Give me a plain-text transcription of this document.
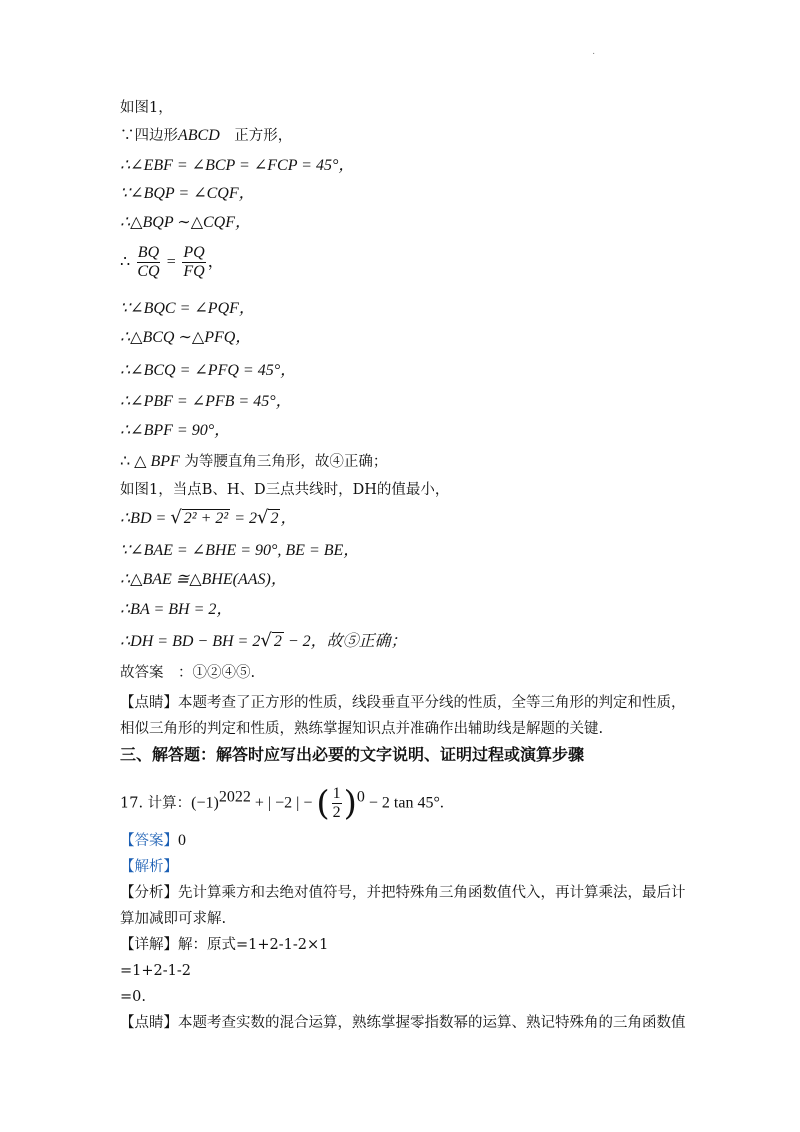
·
如图1，
∵四边形ABCD　正方形，
∴∠EBF = ∠BCP = ∠FCP = 45°，
∵∠BQP = ∠CQF，
∴△BQP ∼△CQF，
∴ $\frac{BQ}{CQ} = \frac{PQ}{FQ}$ ，
∵∠BQC = ∠PQF，
∴△BCQ ∼△PFQ，
∴∠BCQ = ∠PFQ = 45°，
∴∠PBF = ∠PFB = 45°，
∴∠BPF = 90°，
∴ △ BPF 为等腰直角三角形，故④正确；
如图1，当点B、H、D三点共线时，DH的值最小，
∴BD = √ 2² + 2² = 2√ 2 ，
∵∠BAE = ∠BHE = 90°, BE = BE，
∴△BAE ≅△BHE(AAS)，
∴BA = BH = 2，
∴DH = BD − BH = 2√ 2 − 2，故⑤正确；
故答案　：①②④⑤.
【点睛】本题考查了正方形的性质，线段垂直平分线的性质，全等三角形的判定和性质，
相似三角形的判定和性质，熟练掌握知识点并准确作出辅助线是解题的关键.
三、解答题：解答时应写出必要的文字说明、证明过程或演算步骤
17. 计算：$(-1)^{2022}$ + | −2 | − ( $\frac{1}{2} )^0 - 2$ tan 45°.
【答案】0
【解析】
【分析】先计算乘方和去绝对值符号，并把特殊角三角函数值代入，再计算乘法，最后计
算加减即可求解.
【详解】解：原式=1+2-1-2×1
=1+2-1-2
=0.
【点睛】本题考查实数的混合运算，熟练掌握零指数幂的运算、熟记特殊角的三角函数值
